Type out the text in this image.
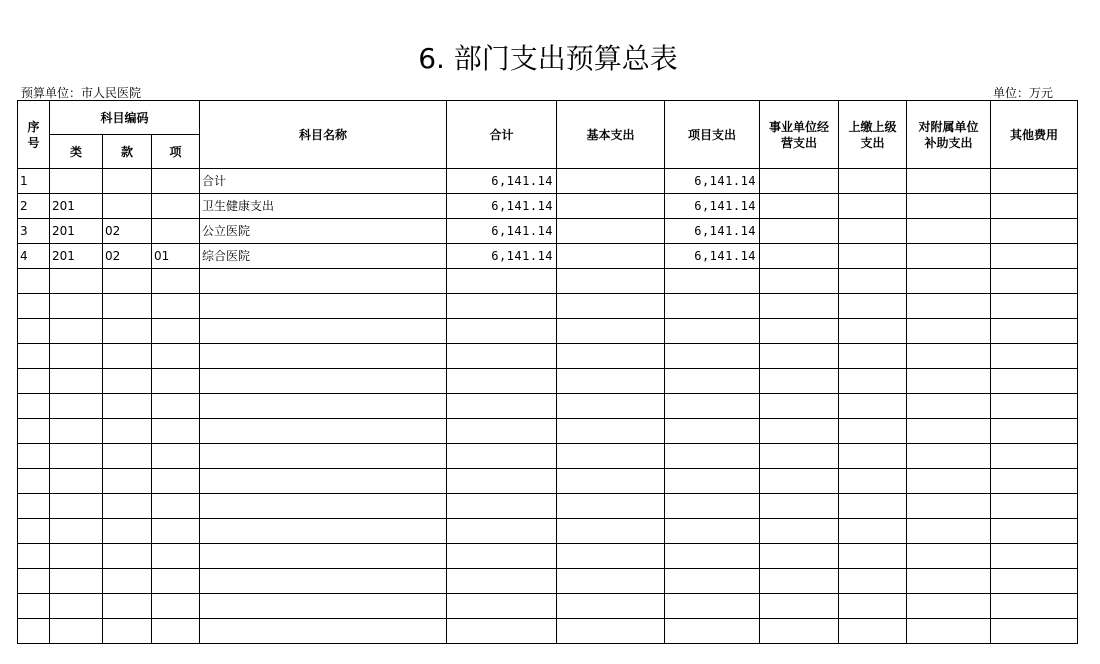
6. 部门支出预算总表
预算单位：市人民医院	单位：万元
序号	科目编码			科目名称	合计	基本支出	项目支出	事业单位经营支出	上缴上级支出	对附属单位补助支出	其他费用
	类	款	项								
1				合计	6,141.14		6,141.14				
2	201			卫生健康支出	6,141.14		6,141.14				
3	201	02		公立医院	6,141.14		6,141.14				
4	201	02	01	综合医院	6,141.14		6,141.14				
